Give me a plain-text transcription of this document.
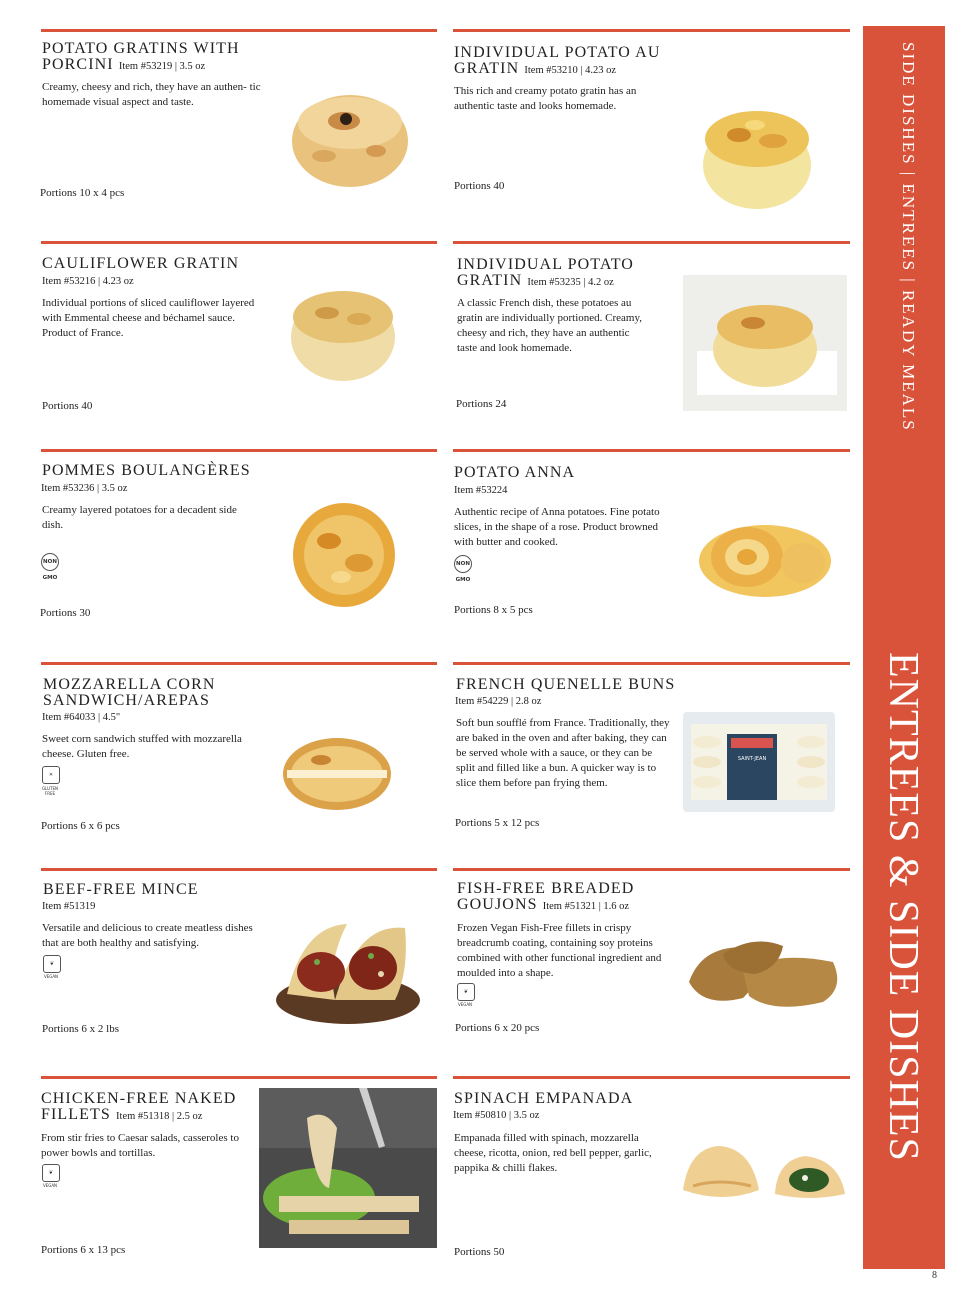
POTATO GRATINS WITH
PORCINI Item #53219 | 3.5 oz
Creamy, cheesy and rich, they have an authen- tic homemade visual aspect and taste.
Portions 10 x 4 pcs
INDIVIDUAL POTATO AU
GRATIN Item #53210 | 4.23 oz
This rich and creamy potato gratin has an authentic taste and looks homemade.
Portions 40
CAULIFLOWER GRATIN
Item #53216 | 4.23 oz
Individual portions of sliced cauliflower layered with Emmental cheese and béchamel sauce. Product of France.
Portions 40
INDIVIDUAL POTATO
GRATIN Item #53235 | 4.2 oz
A classic French dish, these potatoes au gratin are individually portioned. Creamy, cheesy and rich, they have an authentic taste and look homemade.
Portions 24
POMMES BOULANGÈRES
Item #53236 | 3.5 oz
Creamy layered potatoes for a decadent side dish.
NON GMO
Portions 30
POTATO ANNA
Item #53224
Authentic recipe of Anna potatoes. Fine potato slices, in the shape of a rose. Product browned with butter and cooked.
NON GMO
Portions 8 x 5 pcs
MOZZARELLA CORN
SANDWICH/AREPAS
Item #64033 | 4.5"
Sweet corn sandwich stuffed with mozzarella cheese. Gluten free.
✕
GLUTEN FREE
Portions 6 x 6 pcs
FRENCH QUENELLE BUNS
Item #54229 | 2.8 oz
Soft bun soufflé from France. Traditionally, they are baked in the oven and after baking, they can be served whole with a sauce, or they can be split and filled like a bun. A quicker way is to slice them before pan frying them.
Portions 5 x 12 pcs
SAINT-JEAN
BEEF-FREE MINCE
Item #51319
Versatile and delicious to create meatless dishes that are both healthy and satisfying.
❦
VEGAN
Portions 6 x 2 lbs
FISH-FREE BREADED
GOUJONS Item #51321 | 1.6 oz
Frozen Vegan Fish-Free fillets in crispy breadcrumb coating, containing soy proteins combined with other functional ingredient and moulded into a shape.
❦
VEGAN
Portions 6 x 20 pcs
CHICKEN-FREE NAKED
FILLETS Item #51318 | 2.5 oz
From stir fries to Caesar salads, casseroles to power bowls and tortillas.
❦
VEGAN
Portions 6 x 13 pcs
SPINACH EMPANADA
Item #50810 | 3.5 oz
Empanada filled with spinach, mozzarella cheese, ricotta, onion, red bell pepper, garlic, pappika & chilli flakes.
Portions 50
SIDE DISHES | ENTREES | READY MEALS
ENTREES & SIDE DISHES
8
